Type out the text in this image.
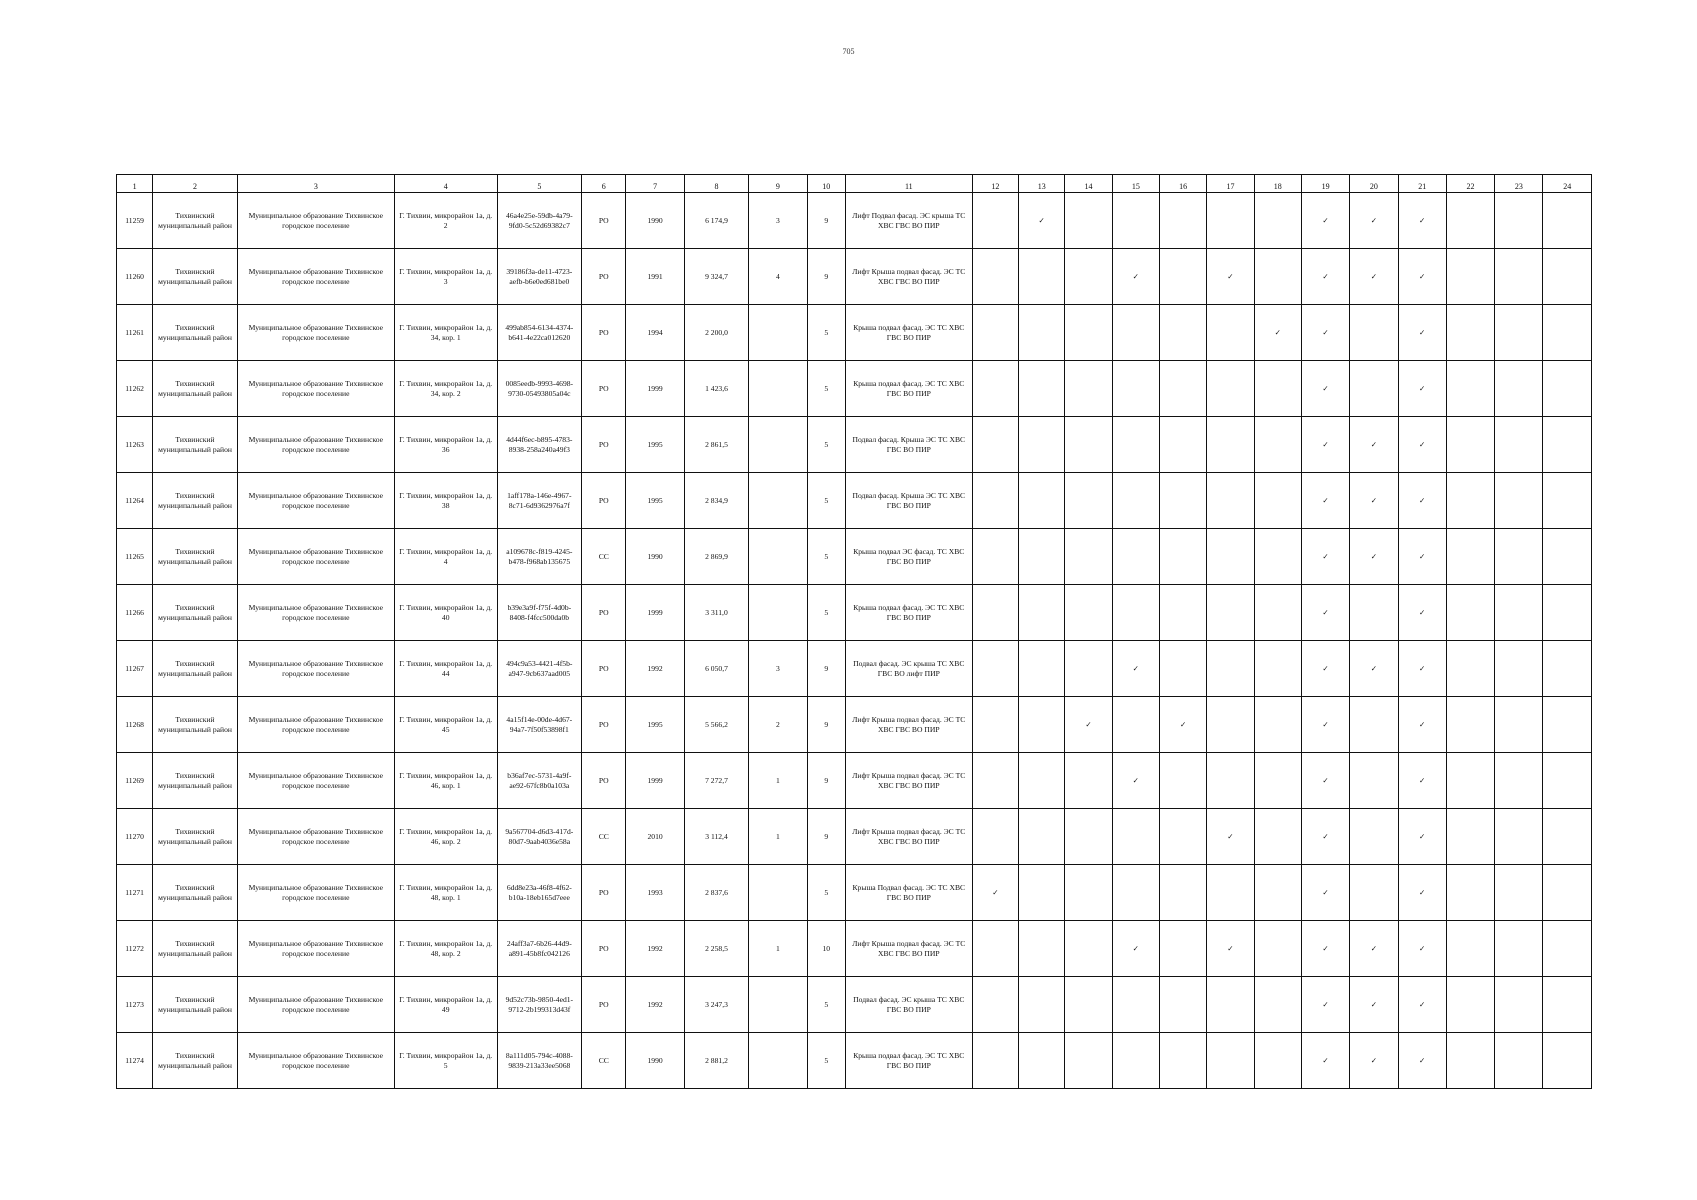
705
1	2	3	4	5	6	7	8	9	10	11	12	13	14	15	16	17	18	19	20	21	22	23	24
11259	Тихвинский муниципальный район	Муниципальное образование Тихвинское городское поселение	Г. Тихвин, микрорайон 1а, д. 2	46a4e25e-59db-4a79-9fd0-5c52d69382c7	РО	1990	6 174,9	3	9	Лифт Подвал фасад. ЭС крыша ТС ХВС ГВС ВО ПИР		✓						✓	✓	✓			
11260	Тихвинский муниципальный район	Муниципальное образование Тихвинское городское поселение	Г. Тихвин, микрорайон 1а, д. 3	39186f3a-de11-4723-aefb-b6e0ed681be0	РО	1991	9 324,7	4	9	Лифт Крыша подвал фасад. ЭС ТС ХВС ГВС ВО ПИР				✓		✓		✓	✓	✓			
11261	Тихвинский муниципальный район	Муниципальное образование Тихвинское городское поселение	Г. Тихвин, микрорайон 1а, д. 34, кор. 1	499ab854-6134-4374-b641-4e22ca012620	РО	1994	2 200,0		5	Крыша подвал фасад. ЭС ТС ХВС ГВС ВО ПИР							✓	✓		✓			
11262	Тихвинский муниципальный район	Муниципальное образование Тихвинское городское поселение	Г. Тихвин, микрорайон 1а, д. 34, кор. 2	0085eedb-9993-4698-9730-05493805a04c	РО	1999	1 423,6		5	Крыша подвал фасад. ЭС ТС ХВС ГВС ВО ПИР								✓		✓			
11263	Тихвинский муниципальный район	Муниципальное образование Тихвинское городское поселение	Г. Тихвин, микрорайон 1а, д. 36	4d44f6ec-b895-4783-8938-258a240a49f3	РО	1995	2 861,5		5	Подвал фасад. Крыша ЭС ТС ХВС ГВС ВО ПИР								✓	✓	✓			
11264	Тихвинский муниципальный район	Муниципальное образование Тихвинское городское поселение	Г. Тихвин, микрорайон 1а, д. 38	1aff178a-146e-4967-8c71-6d9362976a7f	РО	1995	2 834,9		5	Подвал фасад. Крыша ЭС ТС ХВС ГВС ВО ПИР								✓	✓	✓			
11265	Тихвинский муниципальный район	Муниципальное образование Тихвинское городское поселение	Г. Тихвин, микрорайон 1а, д. 4	a109678c-f819-4245-b478-f968ab135675	СС	1990	2 869,9		5	Крыша подвал ЭС фасад. ТС ХВС ГВС ВО ПИР								✓	✓	✓			
11266	Тихвинский муниципальный район	Муниципальное образование Тихвинское городское поселение	Г. Тихвин, микрорайон 1а, д. 40	b39e3a9f-f75f-4d0b-8408-f4fcc500da0b	РО	1999	3 311,0		5	Крыша подвал фасад. ЭС ТС ХВС ГВС ВО ПИР								✓		✓			
11267	Тихвинский муниципальный район	Муниципальное образование Тихвинское городское поселение	Г. Тихвин, микрорайон 1а, д. 44	494c9a53-4421-4f5b-a947-9cb637aad005	РО	1992	6 050,7	3	9	Подвал фасад. ЭС крыша ТС ХВС ГВС ВО лифт ПИР				✓				✓	✓	✓			
11268	Тихвинский муниципальный район	Муниципальное образование Тихвинское городское поселение	Г. Тихвин, микрорайон 1а, д. 45	4a15f14e-00de-4d67-94a7-7f50f53898f1	РО	1995	5 566,2	2	9	Лифт Крыша подвал фасад. ЭС ТС ХВС ГВС ВО ПИР			✓		✓			✓		✓			
11269	Тихвинский муниципальный район	Муниципальное образование Тихвинское городское поселение	Г. Тихвин, микрорайон 1а, д. 46, кор. 1	b36af7ec-5731-4a9f-ae92-67fc8b0a103a	РО	1999	7 272,7	1	9	Лифт Крыша подвал фасад. ЭС ТС ХВС ГВС ВО ПИР				✓				✓		✓			
11270	Тихвинский муниципальный район	Муниципальное образование Тихвинское городское поселение	Г. Тихвин, микрорайон 1а, д. 46, кор. 2	9a567704-d6d3-417d-80d7-9aab4036e58a	СС	2010	3 112,4	1	9	Лифт Крыша подвал фасад. ЭС ТС ХВС ГВС ВО ПИР						✓		✓		✓			
11271	Тихвинский муниципальный район	Муниципальное образование Тихвинское городское поселение	Г. Тихвин, микрорайон 1а, д. 48, кор. 1	6dd8e23a-46f8-4f62-b10a-18eb165d7eee	РО	1993	2 837,6		5	Крыша Подвал фасад. ЭС ТС ХВС ГВС ВО ПИР	✓							✓		✓			
11272	Тихвинский муниципальный район	Муниципальное образование Тихвинское городское поселение	Г. Тихвин, микрорайон 1а, д. 48, кор. 2	24aff3a7-6b26-44d9-a891-45b8fc042126	РО	1992	2 258,5	1	10	Лифт Крыша подвал фасад. ЭС ТС ХВС ГВС ВО ПИР				✓		✓		✓	✓	✓			
11273	Тихвинский муниципальный район	Муниципальное образование Тихвинское городское поселение	Г. Тихвин, микрорайон 1а, д. 49	9d52c73b-9850-4ed1-9712-2b199313d43f	РО	1992	3 247,3		5	Подвал фасад. ЭС крыша ТС ХВС ГВС ВО ПИР								✓	✓	✓			
11274	Тихвинский муниципальный район	Муниципальное образование Тихвинское городское поселение	Г. Тихвин, микрорайон 1а, д. 5	8a111d05-794c-4088-9839-213a33ee5068	СС	1990	2 881,2		5	Крыша подвал фасад. ЭС ТС ХВС ГВС ВО ПИР								✓	✓	✓			
